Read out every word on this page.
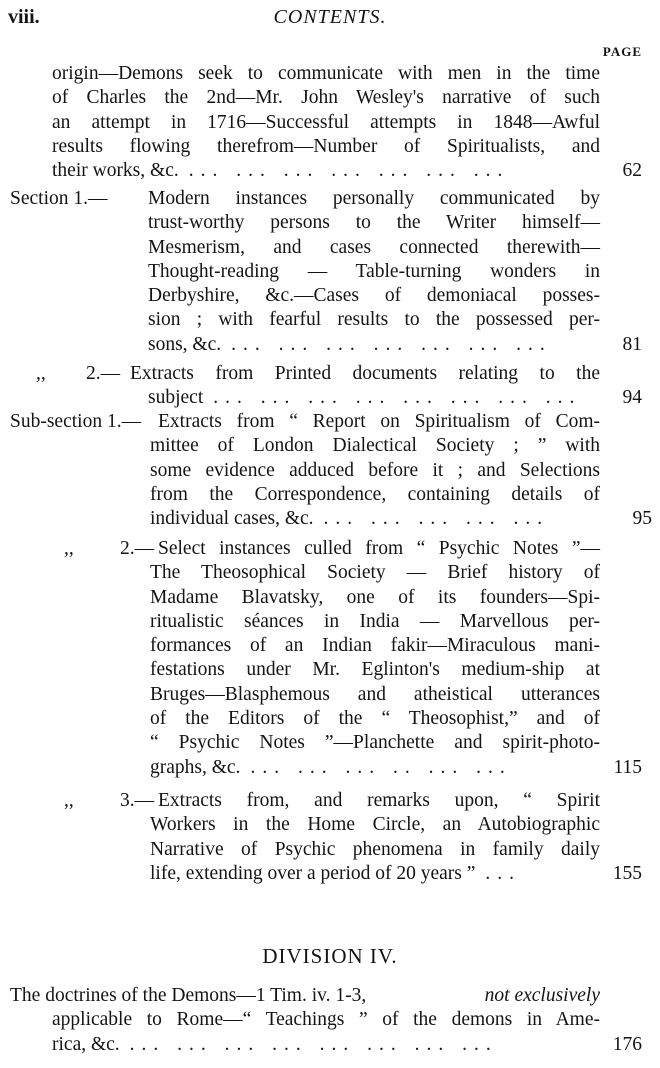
viii.	CONTENTS.
PAGE
origin—Demons seek to communicate with men in the time
of Charles the 2nd—Mr. John Wesley's narrative of such
an attempt in 1716—Successful attempts in 1848—Awful
results flowing therefrom—Number of Spiritualists, and
their works, &c. ... ... ... ... ... ... ...	62
Section 1.— Modern instances personally communicated by
trust-worthy persons to the Writer himself—
Mesmerism, and cases connected therewith—
Thought-reading — Table-turning wonders in
Derbyshire, &c.—Cases of demoniacal posses-
sion ; with fearful results to the possessed per-
sons, &c. ... ... ... ... ... ... ...	81
,, 2.— Extracts from Printed documents relating to the
subject ... ... ... ... ... ... ... ...	94
Sub-section 1.— Extracts from “ Report on Spiritualism of Com-
mittee of London Dialectical Society ; ” with
some evidence adduced before it ; and Selections
from the Correspondence, containing details of
individual cases, &c. ... ... ... ... ...	95
,, 2.— Select instances culled from “ Psychic Notes ”—
The Theosophical Society — Brief history of
Madame Blavatsky, one of its founders—Spi-
ritualistic séances in India — Marvellous per-
formances of an Indian fakir—Miraculous mani-
festations under Mr. Eglinton's medium-ship at
Bruges—Blasphemous and atheistical utterances
of the Editors of the “ Theosophist,” and of
“ Psychic Notes ”—Planchette and spirit-photo-
graphs, &c. ... ... ... .. ... ...	115
,, 3.— Extracts from, and remarks upon, “ Spirit
Workers in the Home Circle, an Autobiographic
Narrative of Psychic phenomena in family daily
life, extending over a period of 20 years ” ...	155
DIVISION IV.
The doctrines of the Demons—1 Tim. iv. 1-3,	not exclusively
applicable to Rome—“ Teachings ” of the demons in Ame-
rica, &c. ... ... ... ... ... ... ... ...	176
